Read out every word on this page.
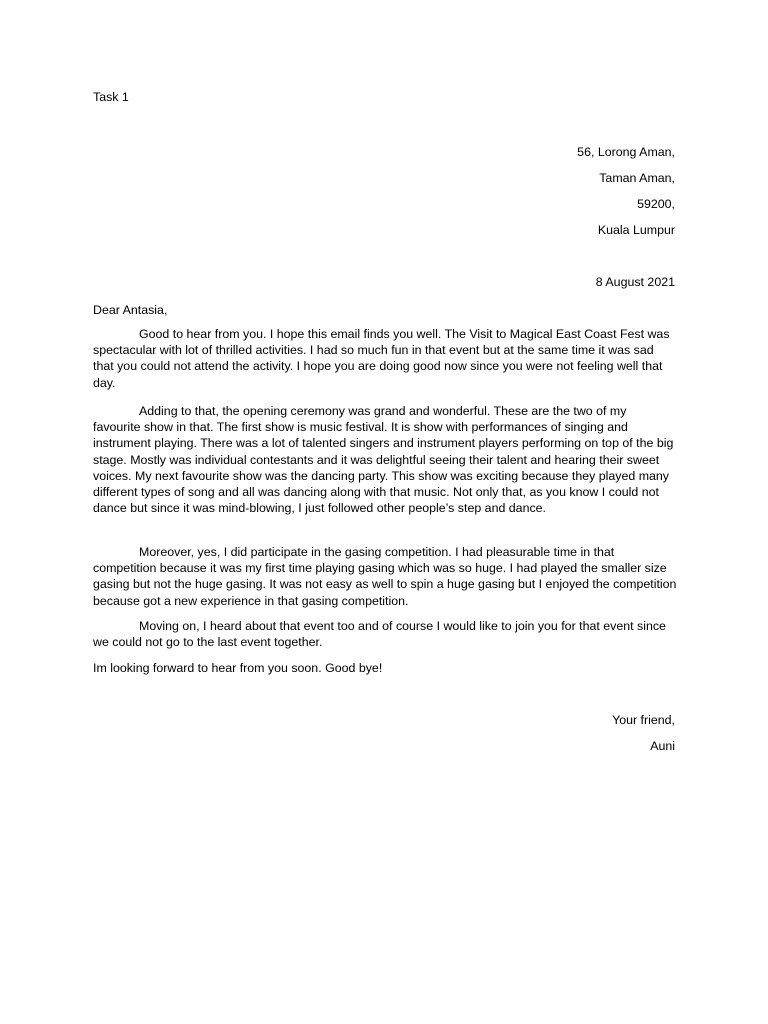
Task 1
56, Lorong Aman,
Taman Aman,
59200,
Kuala Lumpur
8 August 2021
Dear Antasia,
Good to hear from you. I hope this email finds you well. The Visit to Magical East Coast Fest was spectacular with lot of thrilled activities. I had so much fun in that event but at the same time it was sad that you could not attend the activity. I hope you are doing good now since you were not feeling well that day.
Adding to that, the opening ceremony was grand and wonderful. These are the two of my favourite show in that. The first show is music festival. It is show with performances of singing and instrument playing. There was a lot of talented singers and instrument players performing on top of the big stage. Mostly was individual contestants and it was delightful seeing their talent and hearing their sweet voices. My next favourite show was the dancing party. This show was exciting because they played many different types of song and all was dancing along with that music. Not only that, as you know I could not dance but since it was mind-blowing, I just followed other people’s step and dance.
Moreover, yes, I did participate in the gasing competition. I had pleasurable time in that competition because it was my first time playing gasing which was so huge. I had played the smaller size gasing but not the huge gasing. It was not easy as well to spin a huge gasing but I enjoyed the competition because got a new experience in that gasing competition.
Moving on, I heard about that event too and of course I would like to join you for that event since we could not go to the last event together.
Im looking forward to hear from you soon. Good bye!
Your friend,
Auni
